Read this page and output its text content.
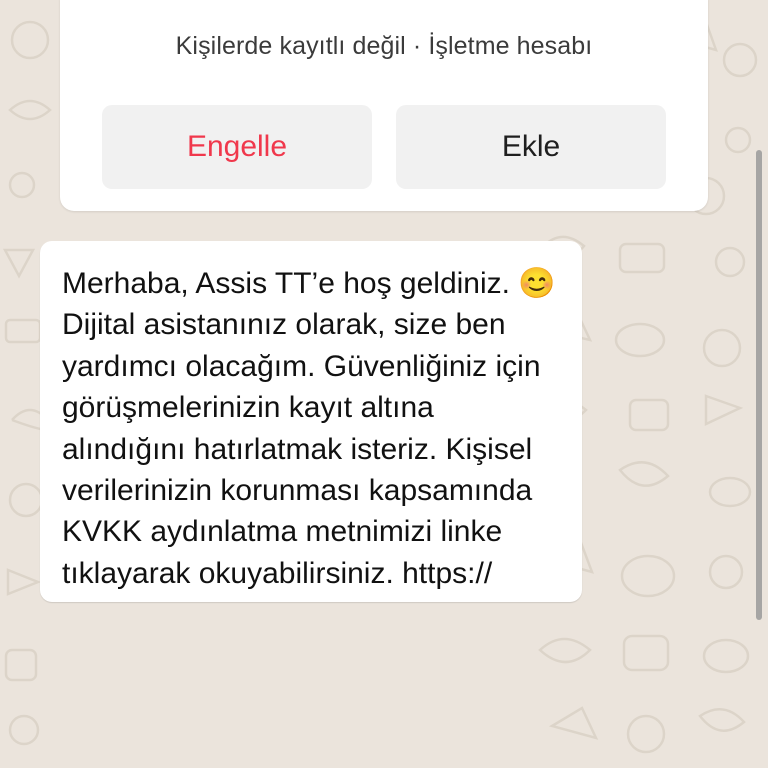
Kişilerde kayıtlı değil · İşletme hesabı
Engelle	Ekle
Merhaba, Assis TT’e hoş geldiniz. 😊 Dijital asistanınız olarak, size ben yardımcı olacağım. Güvenliğiniz için görüşmelerinizin kayıt altına alındığını hatırlatmak isteriz. Kişisel verilerinizin korunması kapsamında KVKK aydınlatma metnimizi linke tıklayarak okuyabilirsiniz. https://
